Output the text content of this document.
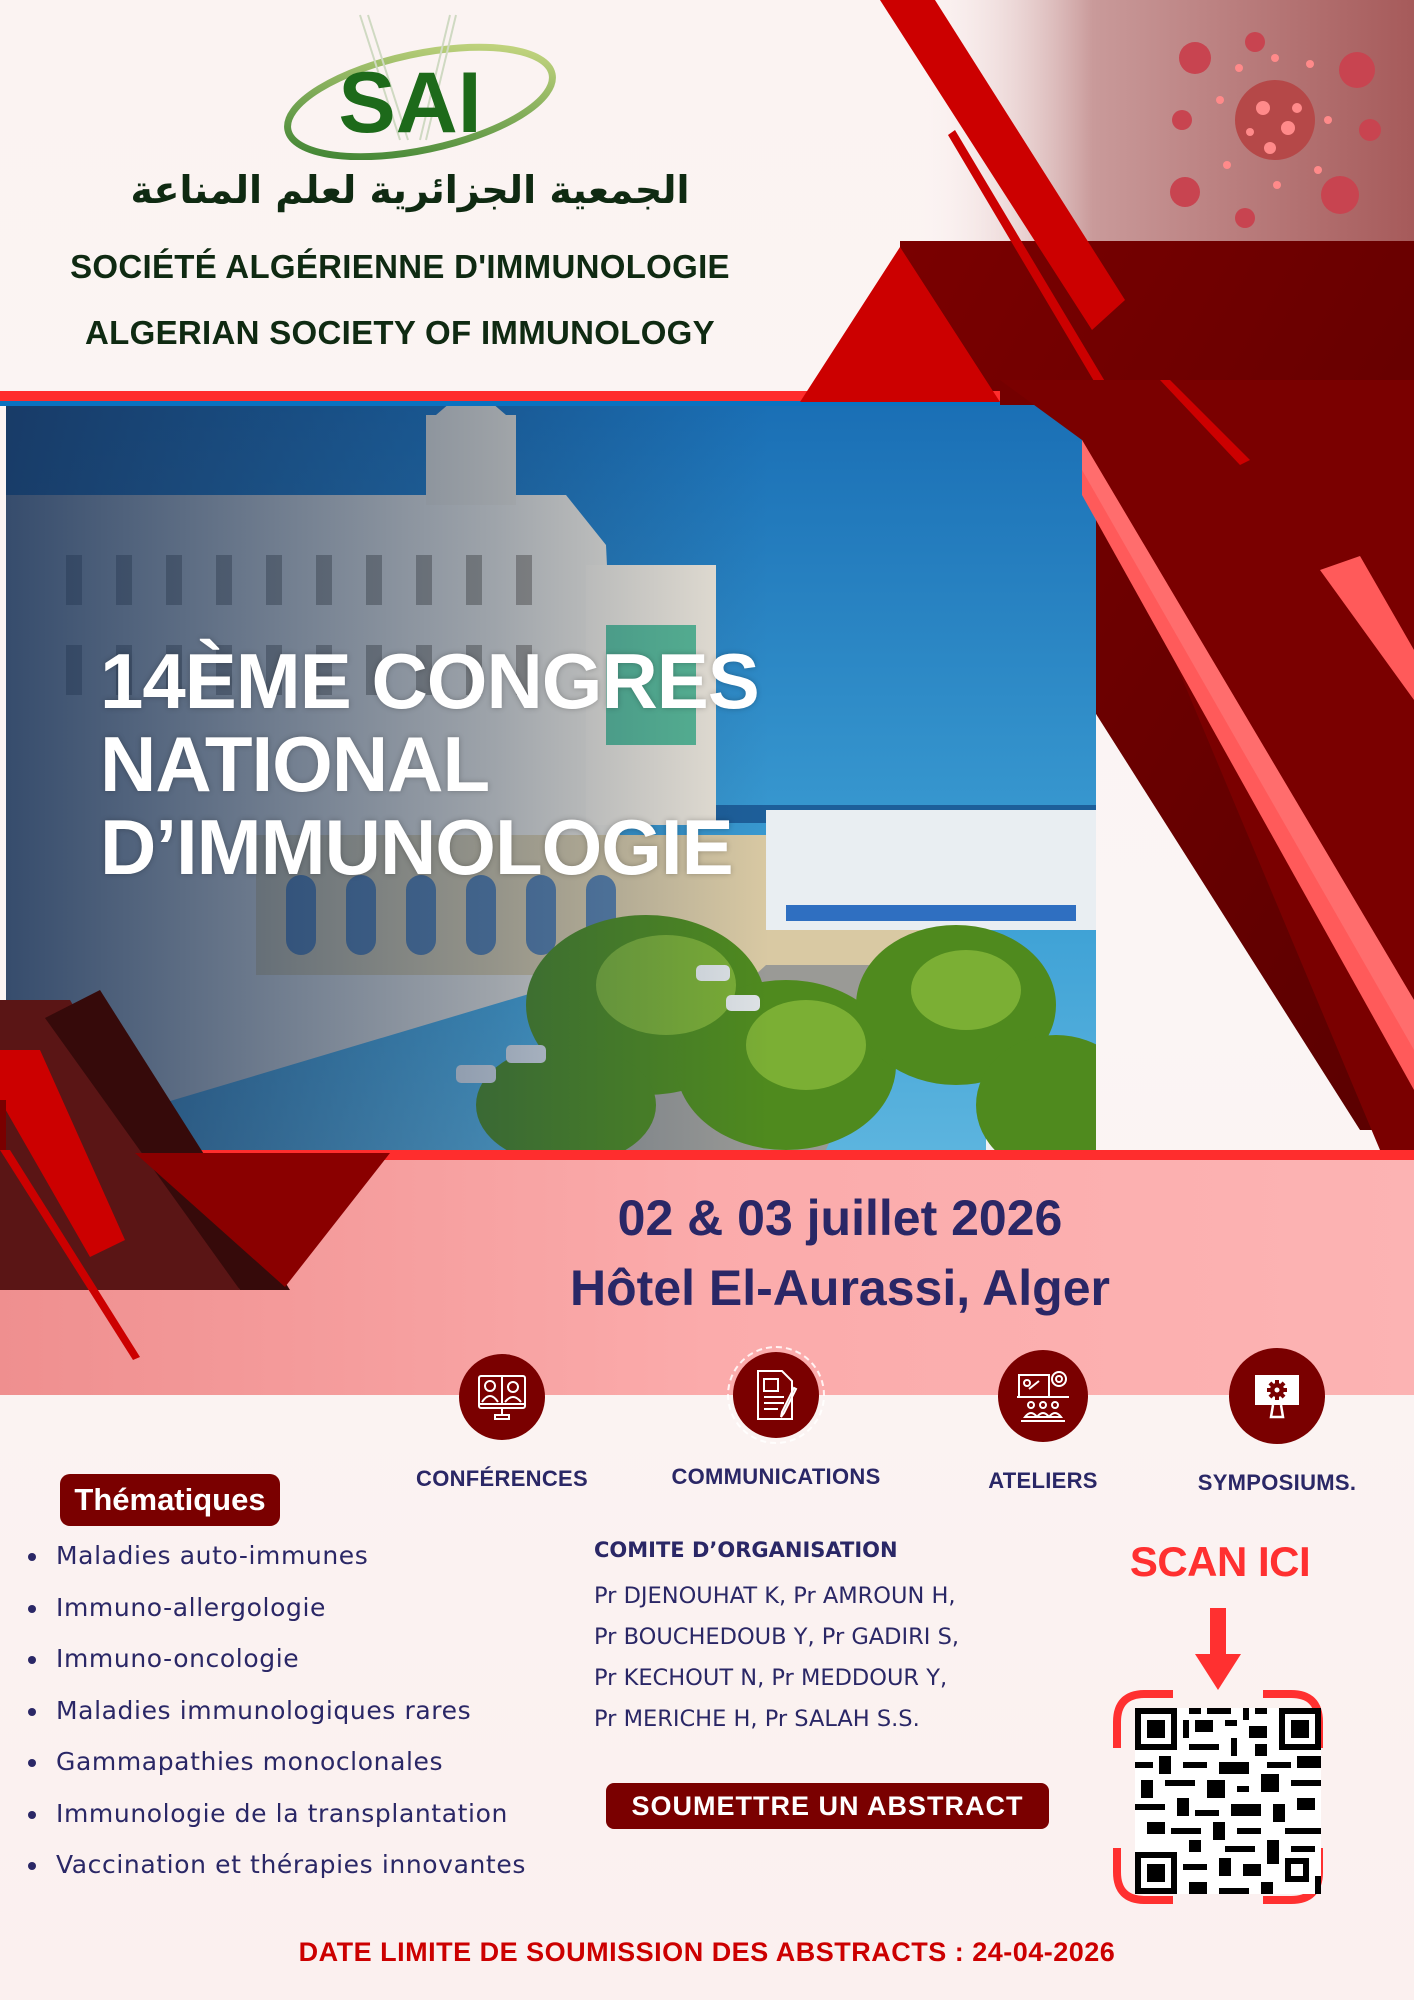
SAI
الجمعية الجزائرية لعلم المناعة
SOCIÉTÉ ALGÉRIENNE D'IMMUNOLOGIE
ALGERIAN SOCIETY OF IMMUNOLOGY
14ÈME CONGRES
NATIONAL
D’IMMUNOLOGIE
02 & 03 juillet 2026
Hôtel El-Aurassi, Alger
CONFÉRENCES	COMMUNICATIONS	ATELIERS	SYMPOSIUMS.
Thématiques
Maladies auto-immunes
Immuno-allergologie
Immuno-oncologie
Maladies immunologiques rares
Gammapathies monoclonales
Immunologie de la transplantation
Vaccination et thérapies innovantes
COMITE D’ORGANISATION
Pr DJENOUHAT K, Pr AMROUN H,
Pr BOUCHEDOUB Y, Pr GADIRI S,
Pr KECHOUT N, Pr MEDDOUR Y,
Pr MERICHE H, Pr SALAH S.S.
SOUMETTRE UN ABSTRACT
SCAN ICI
DATE LIMITE DE SOUMISSION DES ABSTRACTS : 24-04-2026
